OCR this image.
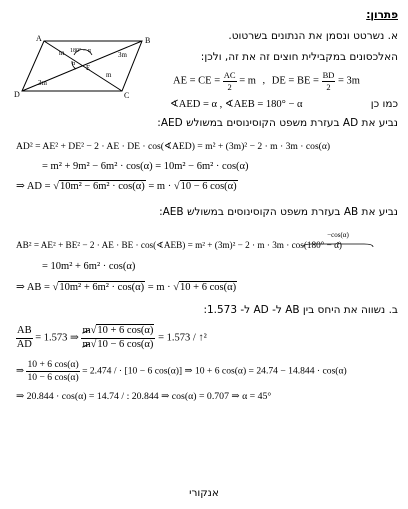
פתרון:
א. נשרטט ונסמן את הנתונים בשרטוט.
A	B
C
D
E
180° − α
α
m
m
3m
3m	האלכסונים במקבילית חוצים זה את זה, ולכן:
AE = CE = $\frac{AC}{2} = m$ , DE = BE = $\frac{BD}{2} = 3m$
∢AED = α , ∢AEB = 180° − α	כמו כן
נביע את AD בעזרת משפט הקוסינוסים במשולש AED:
AD² = AE² + DE² − 2 · AE · DE · cos(∢AED) = m² + (3m)² − 2 · m · 3m · cos(α)
= m² + 9m² − 6m² · cos(α) = 10m² − 6m² · cos(α)
⇒ AD = √10m² − 6m² · cos(α) = m · √10 − 6 cos(α)
נביע את AB בעזרת משפט הקוסינוסים במשולש AEB:
−cos(α)
AB² = AE² + BE² − 2 · AE · BE · cos(∢AEB) = m² + (3m)² − 2 · m · 3m · cos(180° − α)
= 10m² + 6m² · cos(α)
⇒ AB = √10m² + 6m² · cos(α) = m · √10 + 6 cos(α)
ב. נשווה את היחס בין AB ל- AD ל- 1.573:
$\frac{AB}{AD} = 1.573$ ⇒ $\frac{m√10 + 6 \cos(\alpha)}{m√10 - 6 \cos(\alpha)} = 1.573$ / ↑²
⇒ $\frac{10 + 6 \cos(\alpha)}{10 - 6 \cos(\alpha)} = 2.474$ / · [10 − 6 cos(α)] ⇒ 10 + 6 cos(α) = 24.74 − 14.844 · cos(α)
⇒ 20.844 · cos(α) = 14.74 / : 20.844 ⇒ cos(α) = 0.707 ⇒ α = 45°
אנקורי
